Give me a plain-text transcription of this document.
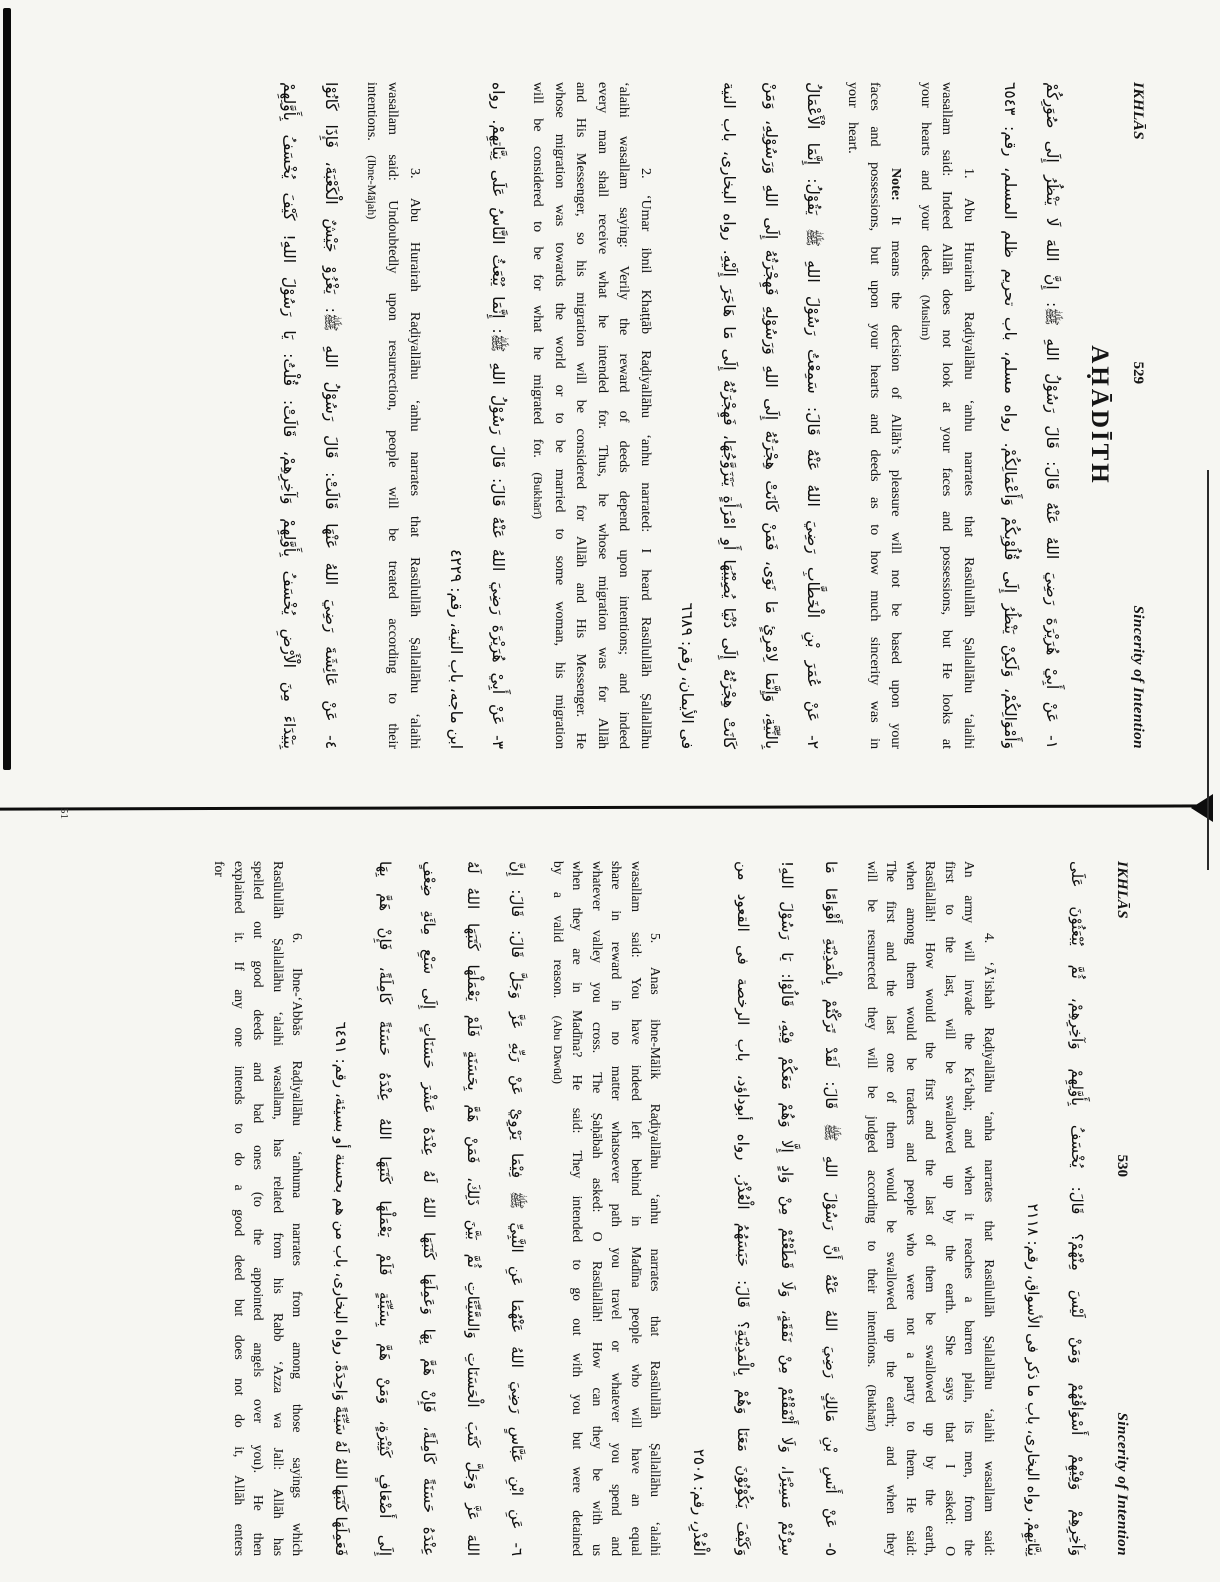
IKHLĀS
529
Sincerity of Intention
AḤĀDĪTH
١- عَنْ أَبِيْ هُرَيْرَةَ رَضِيَ اللهُ عَنْهُ قَالَ: قَالَ رَسُوْلُ اللهِ ﷺ: إِنَّ اللهَ لَا يَنْظُرُ إِلَى صُوَرِكُمْ
وَأَمْوَالِكُمْ، وَلَكِنْ يَنْظُرُ إِلَى قُلُوْبِكُمْ وَأَعْمَالِكُمْ. رواه مسلم، باب تحريم ظلم المسلم، رقم: ٦٥٤٣

1. Abu Hurairah Raḍiyallāhu ‘anhu narrates that Rasūlullāh Ṣallallāhu ‘alaihi wasallam said: Indeed Allāh does not look at your faces and possessions, but He looks at your hearts and your deeds. (Muslim)

Note: It means the decision of Allāh’s pleasure will not be based upon your faces and possessions, but upon your hearts and deeds as to how much sincerity was in your heart.

٢- عَنْ عُمَرَ بْنِ الْخَطَّابِ رَضِيَ اللهُ عَنْهُ قَالَ: سَمِعْتُ رَسُوْلَ اللهِ ﷺ يَقُوْلُ: إِنَّمَا الْأَعْمَالُ
بِالنِّيَّةِ، وَإِنَّمَا لِامْرِئٍ مَا نَوَى، فَمَنْ كَانَتْ هِجْرَتُهُ إِلَى اللهِ وَرَسُوْلِهِ فَهِجْرَتُهُ إِلَى اللهِ وَرَسُوْلِهِ، وَمَنْ
كَانَتْ هِجْرَتُهُ إِلَى دُنْيَا يُصِيْبُهَا أَوِ امْرَأَةٍ يَتَزَوَّجُهَا، فَهِجْرَتُهُ إِلَى مَا هَاجَرَ إِلَيْهِ. رواه البخارى، باب النية
فى الأيمان، رقم: ٦٦٨٩

2. ‘Umar ibnil Khaṭṭāb Raḍiyallāhu ‘anhu narrated: I heard Rasūlullāh Ṣallallāhu ‘alaihi wasallam saying: Verily the reward of deeds depend upon intentions; and indeed every man shall receive what he intended for. Thus, he whose migration was for Allāh and His Messenger, so his migration will be considered for Allāh and His Messenger. He whose migration was towards the world or to be married to some woman, his migration will be considered to be for what he migrated for. (Bukhārī)

٣- عَنْ أَبِيْ هُرَيْرَةَ رَضِيَ اللهُ عَنْهُ قَالَ: قَالَ رَسُوْلُ اللهِ ﷺ: إِنَّمَا يُبْعَثُ النَّاسُ عَلَى نِيَّاتِهِمْ. رواه
ابن ماجه، باب النية، رقم: ٤٢٢٩

3. Abu Hurairah Raḍiyallāhu ‘anhu narrates that Rasūlullāh Ṣallallāhu ‘alaihi wasallam said: Undoubtedly upon resurrection, people will be treated according to their intentions. (Ibne-Mājah)

٤- عَنْ عَائِشَةَ رَضِيَ اللهُ عَنْهَا قَالَتْ: قَالَ رَسُوْلُ اللهِ ﷺ: يَغْزُوْ جَيْشٌ الْكَعْبَةَ، فَإِذَا كَانُوْا
بِبَيْدَاءَ مِنَ الْأَرْضِ يُخْسَفُ بِأَوَّلِهِمْ وَآخِرِهِمْ، قَالَتْ: قُلْتُ: يَا رَسُوْلَ اللهِ! كَيْفَ يُخْسَفُ بِأَوَّلِهِمْ
51
IKHLĀS
530
Sincerity of Intention
وَآخِرِهِمْ وَفِيْهِمْ أَسْوَاقُهُمْ وَمَنْ لَيْسَ مِنْهُمْ؟ قَالَ: يُخْسَفُ بِأَوَّلِهِمْ وَآخِرِهِمْ، ثُمَّ يُبْعَثُوْنَ عَلَى
نِيَّاتِهِمْ. رواه البخارى، باب ما ذكر فى الأسواق، رقم: ٢١١٨

4. ‘Ā’ishah Raḍiyallāhu ‘anha narrates that Rasūlullāh Ṣallallāhu ‘alaihi wasallam said: An army will invade the Ka‘bah; and when it reaches a barren plain, its men, from the first to the last, will be swallowed up by the earth. She says that I asked: O Rasūlallāh! How would the first and the last of them be swallowed up by the earth, when among them would be traders and people who were not a party to them. He said: The first and the last one of them would be swallowed up the earth; and when they will be resurrected they will be judged according to their intentions. (Bukhārī)

٥- عَنْ أَنَسِ بْنِ مَالِكٍ رَضِيَ اللهُ عَنْهُ أَنَّ رَسُوْلَ اللهِ ﷺ قَالَ: لَقَدْ تَرَكْتُمْ بِالْمَدِيْنَةِ أَقْوَامًا مَا
سِرْتُمْ مَسِيْرًا، وَلَا أَنْفَقْتُمْ مِنْ نَفَقَةٍ، وَلَا قَطَعْتُمْ مِنْ وَادٍ إِلَّا وَهُمْ مَعَكُمْ فِيْهِ، قَالُوْا: يَا رَسُوْلَ اللهِ!
وَكَيْفَ يَكُوْنُوْنَ مَعَنَا وَهُمْ بِالْمَدِيْنَةِ؟ قَالَ: حَبَسَهُمُ الْعُذْرُ. رواه أبوداؤد، باب الرخصة فى القعود من
الْعُذْرِ، رقم: ٢٥٠٨

5. Anas ibne-Mālik Raḍiyallāhu ‘anhu narrates that Rasūlullāh Ṣallallāhu ‘alaihi wasallam said: You have indeed left behind in Madīna people who will have an equal share in reward in no matter whatsoever path you travel or whatever you spend and whatever valley you cross. The Ṣaḥābah asked: O Rasūlallāh! How can they be with us when they are in Madīna? He said: They intended to go out with you but were detained by a valid reason. (Abu Dāwūd)

٦- عَنِ ابْنِ عَبَّاسٍ رَضِيَ اللهُ عَنْهُمَا عَنِ النَّبِيِّ ﷺ فِيْمَا يَرْوِيْ عَنْ رَبِّهِ عَزَّ وَجَلَّ قَالَ: قَالَ: إِنَّ
اللهَ عَزَّ وَجَلَّ كَتَبَ الْحَسَنَاتِ وَالسَّيِّئَاتِ ثُمَّ بَيَّنَ ذَلِكَ، فَمَنْ هَمَّ بِحَسَنَةٍ فَلَمْ يَعْمَلْهَا كَتَبَهَا اللهُ لَهُ
عِنْدَهُ حَسَنَةً كَامِلَةً، فَإِنْ هَمَّ بِهَا وَعَمِلَهَا كَتَبَهَا اللهُ لَهُ عِنْدَهُ عَشْرَ حَسَنَاتٍ إِلَى سَبْعِ مِائَةِ ضِعْفٍ
إِلَى أَضْعَافٍ كَثِيْرَةٍ، وَمَنْ هَمَّ بِسَيِّئَةٍ فَلَمْ يَعْمَلْهَا كَتَبَهَا اللهُ عِنْدَهُ حَسَنَةً كَامِلَةً، فَإِنْ هَمَّ بِهَا
فَعَمِلَهَا كَتَبَهَا اللهُ لَهُ سَيِّئَةً وَاحِدَةً. رواه البخارى، باب من هم بحسنة أو بسيئة، رقم: ٦٤٩١

6. Ibne-‘Abbās Raḍiyallāhu ‘anhuma narrates from among those sayings which Rasūlullāh Ṣallallāhu ‘alaihi wasallam, has related from his Rabb ‘Azza wa Jall: Allāh has spelled out good deeds and bad ones (to the appointed angels over you). He then explained it. If any one intends to do a good deed but does not do it, Allāh enters for
